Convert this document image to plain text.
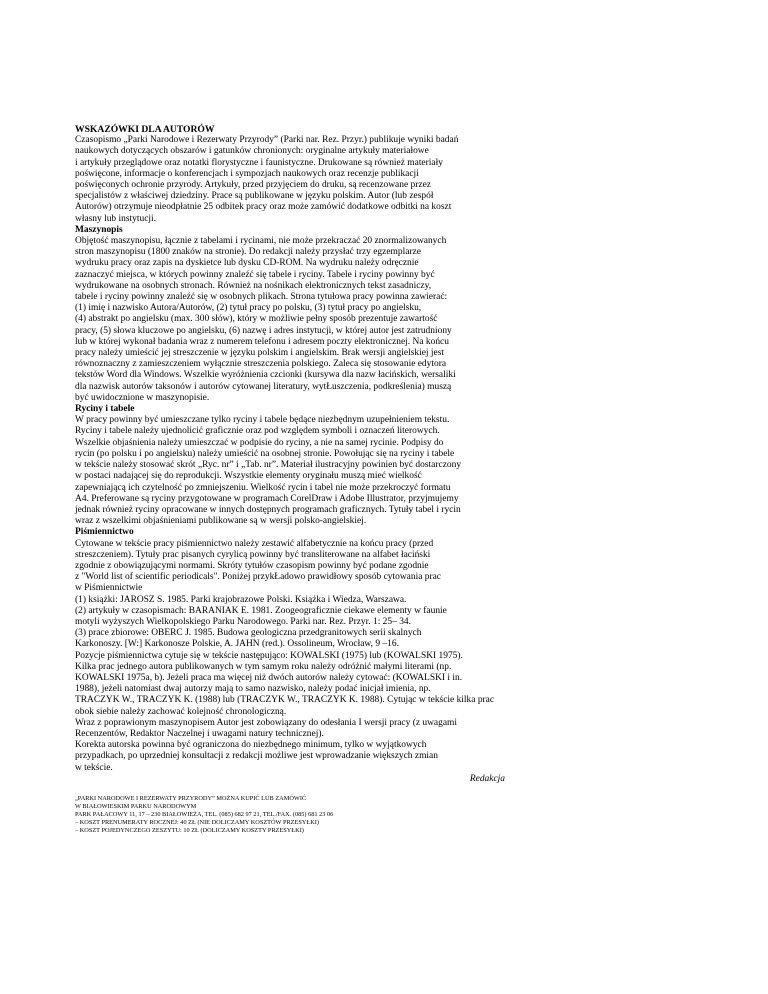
WSKAZÓWKI DLA AUTORÓW

Czasopismo „Parki Narodowe i Rezerwaty Przyrody” (Parki nar. Rez. Przyr.) publikuje wyniki badań
naukowych dotyczących obszarów i gatunków chronionych: oryginalne artykuły materiałowe
i artykuły przeglądowe oraz notatki florystyczne i faunistyczne. Drukowane są również materiały
poświęcone, informacje o konferencjach i sympozjach naukowych oraz recenzje publikacji
poświęconych ochronie przyrody. Artykuły, przed przyjęciem do druku, są recenzowane przez
specjalistów z właściwej dziedziny. Prace są publikowane w języku polskim. Autor (lub zespół
Autorów) otrzymuje nieodpłatnie 25 odbitek pracy oraz może zamówić dodatkowe odbitki na koszt
własny lub instytucji.

Maszynopis

Objętość maszynopisu, łącznie z tabelami i rycinami, nie może przekraczać 20 znormalizowanych
stron maszynopisu (1800 znaków na stronie). Do redakcji należy przysłać trzy egzemplarze
wydruku pracy oraz zapis na dyskietce lub dysku CD-ROM. Na wydruku należy odręcznie
zaznaczyć miejsca, w których powinny znaleźć się tabele i ryciny. Tabele i ryciny powinny być
wydrukowane na osobnych stronach. Również na nośnikach elektronicznych tekst zasadniczy,
tabele i ryciny powinny znaleźć się w osobnych plikach. Strona tytułowa pracy powinna zawierać:
(1) imię i nazwisko Autora/Autorów, (2) tytuł pracy po polsku, (3) tytuł pracy po angielsku,
(4) abstrakt po angielsku (max. 300 słów), który w możliwie pełny sposób prezentuje zawartość
pracy, (5) słowa kluczowe po angielsku, (6) nazwę i adres instytucji, w której autor jest zatrudniony
lub w której wykonał badania wraz z numerem telefonu i adresem poczty elektronicznej. Na końcu
pracy należy umieścić jej streszczenie w języku polskim i angielskim. Brak wersji angielskiej jest
równoznaczny z zamieszczeniem wyłącznie streszczenia polskiego. Zaleca się stosowanie edytora
tekstów Word dla Windows. Wszelkie wyróżnienia czcionki (kursywa dla nazw łacińskich, wersaliki
dla nazwisk autorów taksonów i autorów cytowanej literatury, wytŁuszczenia, podkreślenia) muszą
być uwidocznione w maszynopisie.

Ryciny i tabele

W pracy powinny być umieszczane tylko ryciny i tabele będące niezbędnym uzupełnieniem tekstu.
Ryciny i tabele należy ujednolicić graficznie oraz pod względem symboli i oznaczeń literowych.
Wszelkie objaśnienia należy umieszczać w podpisie do ryciny, a nie na samej rycinie. Podpisy do
rycin (po polsku i po angielsku) należy umieścić na osobnej stronie. Powołując się na ryciny i tabele
w tekście należy stosować skrót „Ryc. nr” i „Tab. nr”. Materiał ilustracyjny powinien być dostarczony
w postaci nadającej się do reprodukcji. Wszystkie elementy oryginału muszą mieć wielkość
zapewniającą ich czytelność po zmniejszeniu. Wielkość rycin i tabel nie może przekroczyć formatu
A4. Preferowane są ryciny przygotowane w programach CorelDraw i Adobe Illustrator, przyjmujemy
jednak również ryciny opracowane w innych dostępnych programach graficznych. Tytuły tabel i rycin
wraz z wszelkimi objaśnieniami publikowane są w wersji polsko-angielskiej.

Piśmiennictwo

Cytowane w tekście pracy piśmiennictwo należy zestawić alfabetycznie na końcu pracy (przed
streszczeniem). Tytuły prac pisanych cyrylicą powinny być transliterowane na alfabet łaciński
zgodnie z obowiązującymi normami. Skróty tytułów czasopism powinny być podane zgodnie
z "World list of scientific periodicals". Poniżej przykŁadowo prawidłowy sposób cytowania prac
w Piśmiennictwie
(1) książki: JAROSZ S. 1985. Parki krajobrazowe Polski. Książka i Wiedza, Warszawa.
(2) artykuły w czasopismach: BARANIAK E. 1981. Zoogeograficznie ciekawe elementy w faunie
motyli wyżyszych Wielkopolskiego Parku Narodowego. Parki nar. Rez. Przyr. 1: 25– 34.
(3) prace zbiorowe: OBERC J. 1985. Budowa geologiczna przedgranitowych serii skalnych
Karkonoszy. [W:] Karkonosze Polskie, A. JAHN (red.). Ossolineum, Wrocław, 9 –16.
Pozycje piśmiennictwa cytuje się w tekście następująco: KOWALSKI (1975) lub (KOWALSKI 1975).
Kilka prac jednego autora publikowanych w tym samym roku należy odróżnić małymi literami (np.
KOWALSKI 1975a, b). Jeżeli praca ma więcej niż dwóch autorów należy cytować: (KOWALSKI i in.
1988), jeżeli natomiast dwaj autorzy mają to samo nazwisko, należy podać inicjał imienia, np.
TRACZYK W., TRACZYK K. (1988) lub (TRACZYK W., TRACZYK K. 1988). Cytując w tekście kilka prac
obok siebie należy zachować kolejność chronologiczną.
Wraz z poprawionym maszynopisem Autor jest zobowiązany do odesłania I wersji pracy (z uwagami
Recenzentów, Redaktor Naczelnej i uwagami natury technicznej).
Korekta autorska powinna być ograniczona do niezbędnego minimum, tylko w wyjątkowych
przypadkach, po uprzedniej konsultacji z redakcji możliwe jest wprowadzanie większych zmian
w tekście.

Redakcja

„PARKI NARODOWE I REZERWATY PRZYRODY” MOŻNA KUPIĆ LUB ZAMÓWIĆ
W BIAŁOWIESKIM PARKU NARODOWYM
PARK PAŁACOWY 11, 17 – 230 BIAŁOWIEŻA, TEL. (085) 682 97 21, TEL./FAX. (085) 681 23 06
– KOSZT PRENUMERATY ROCZNEJ: 40 ZŁ (NIE DOLICZAMY KOSZTÓW PRZESYŁKI)
– KOSZT POJEDYNCZEGO ZESZYTU: 10 ZŁ (DOLICZAMY KOSZTY PRZESYŁKI)
